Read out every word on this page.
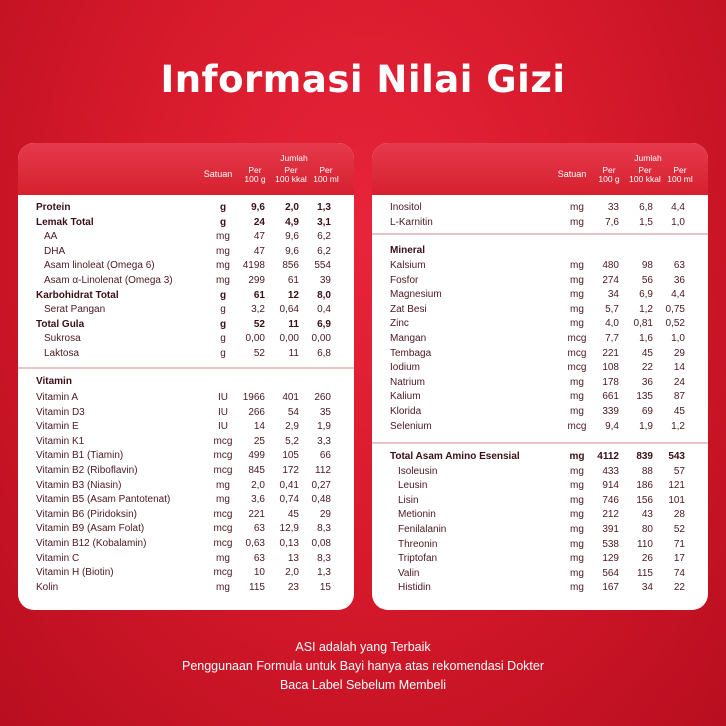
Informasi Nilai Gizi
Satuan
Jumlah
Per
100 g
Per
100 kkal
Per
100 ml
Protein	g	9,6	2,0	1,3
Lemak Total	g	24	4,9	3,1
AA	mg	47	9,6	6,2
DHA	mg	47	9,6	6,2
Asam linoleat (Omega 6)	mg	4198	856	554
Asam α-Linolenat (Omega 3)	mg	299	61	39
Karbohidrat Total	g	61	12	8,0
Serat Pangan	g	3,2	0,64	0,4
Total Gula	g	52	11	6,9
Sukrosa	g	0,00	0,00 0,00
Laktosa	g	52	11	6,8
Vitamin
Vitamin A	IU	1966	401	260
Vitamin D3	IU	266	54	35
Vitamin E	IU	14	2,9	1,9
Vitamin K1	mcg	25	5,2	3,3
Vitamin B1 (Tiamin)	mcg	499	105	66
Vitamin B2 (Riboflavin)	mcg	845	172	112
Vitamin B3 (Niasin)	mg	2,0	0,41 0,27
Vitamin B5 (Asam Pantotenat)	mg	3,6	0,74 0,48
Vitamin B6 (Piridoksin)	mcg	221	45	29
Vitamin B9 (Asam Folat)	mcg	63	12,9	8,3
Vitamin B12 (Kobalamin)	mcg	0,63	0,13 0,08
Vitamin C	mg	63	13	8,3
Vitamin H (Biotin)	mcg	10	2,0	1,3
Kolin	mg	115	23	15
Satuan
Jumlah
Per
100 g
Per
100 kkal
Per
100 ml
Inositol	mg	33	6,8	4,4
L-Karnitin	mg	7,6	1,5	1,0
Mineral
Kalsium	mg	480	98	63
Fosfor	mg	274	56	36
Magnesium	mg	34	6,9	4,4
Zat Besi	mg	5,7	1,2 0,75
Zinc	mg	4,0	0,81 0,52
Mangan	mcg	7,7	1,6	1,0
Tembaga	mcg	221	45	29
Iodium	mcg	108	22	14
Natrium	mg	178	36	24
Kalium	mg	661	135	87
Klorida	mg	339	69	45
Selenium	mcg	9,4	1,9	1,2
Total Asam Amino Esensial	mg	4112	839	543
Isoleusin	mg	433	88	57
Leusin	mg	914	186	121
Lisin	mg	746	156	101
Metionin	mg	212	43	28
Fenilalanin	mg	391	80	52
Threonin	mg	538	110	71
Triptofan	mg	129	26	17
Valin	mg	564	115	74
Histidin	mg	167	34	22
ASI adalah yang Terbaik
Penggunaan Formula untuk Bayi hanya atas rekomendasi Dokter
Baca Label Sebelum Membeli
